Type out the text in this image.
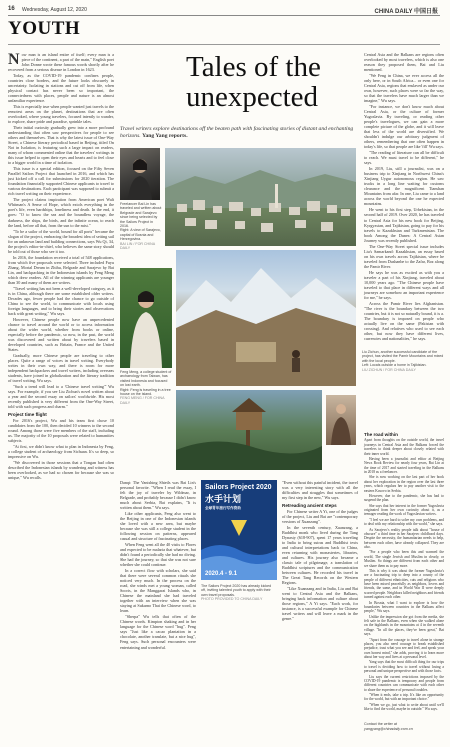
16 Wednesday, August 12, 2020	CHINA DAILY 中国日报
YOUTH

Now man is an island entire of itself; every man is a piece of the continent, a part of the main," English poet John Donne wrote these famous words shortly after he recovered from a serious disease in London in 1623.

Today, as the COVID-19 pandemic confines people, countries close borders, and the future looks obscurely in uncertainty. Isolating in stations and cut off from life, when physical contact has never been so important, the connectedness with places, people and nature is an almost unfamiliar experience.

This is especially true when people wanted just travels to the remotest areas on the planet, destinations that are often overlooked, where young travelers, focused intently to wander, to explore, share pride and paradise, sprinkle tales.

Their initial curiosity gradually grew into a more profound understanding that often saw perspectives for people to see others and themselves. That is why the latest issue of One-Way Street, a Chinese literary periodical based in Beijing, titled On Not in Isolation, is featuring such a large impact on readers, many of whom commented online that the travelers' writings in this issue helped to open their eyes and hearts and to feel close to a bigger world in a time of isolation.

This issue is a special edition, focused on the Fifty Seven Parallel Sailors Project that launched in 2016, and which has just kicked off a call for submissions for 2020 iteration. The foundation financially supported Chinese applicants to travel to various destinations. Each participant was supposed to submit a rich travel writing on their experience.

The project claims inspiration from American poet Walt Whitman's A Sense of Hope, which extols everything in the poet's life, even hardships, loneliness and death. In the end, it goes: "O to know the sea and the boundless voyage, the darkness, the ships, the birds, and the infinite ocean, to reach the land, before all that, from the sun to the mist."

"To be a sailor of the world, bound for all ports" became the slogan of the project, embracing the broadest idea of setting sail for an unknown land and building connections, says Wu Qi, 34, the project's editor-in-chief, who believes the same story should be told out of those who see it too.

In 2016, the foundation received a total of 548 applications, from which five proposals were selected. Three included Fuyu Zhang, Mortal Dream in Zhihu, Belgrade and Sarajevo by Bai Lin, and backpacking in the Indonesian islands by Feng Meng which drew readers. All of the winning applicants are younger than 30 and many of them are writers.

"Travel writing has not been a well-developed category, as it is in China, although there are some established older writers. Decades ago, fewer people had the chance to go outside of China to see the world, to communicate with locals using foreign languages, and to bring their stories and observations back with great writing," Wu says.

However, Chinese people now have an unprecedented chance to travel around the world or to access information about the wider world, whether from books or online, especially before the pandemic, so now, in the past, the world was discovered and written about by travelers based in developed countries, such as Britain, France and the United States.

Gradually, more Chinese people are traveling to other places. Quite a range of voices in travel writing. Everybody writes in their own way, and there is room for more independent backpackers and travel writers, including overseas students, have joined in globalization and the literary tradition of travel writing, Wu says.

"Such a trend will lead to a 'Chinese travel writing'" Wu says. For example, if you see Liu Zichun's novel written about a year and the second essay on sailors' worldwide. His most recently published is very different from the One-Way Street, told with such progress and charm."

Project time flight

For 2016's project, Wu and his team first chose 10 candidates from the 100, then decided 10 winners to the second round. Among those were five members of the staff, including us. The majority of the 10 proposals were related to humanities subjects.

"At first, we didn't know what to plan in Indonesia by Feng, a college student of archaeology from Sichuan. It's so deep, so impressive on Wu.

"We discovered in those sessions that a Tongan had often described the Indonesian islands by wandering and witness has been overlooked, as we had so chosen for because she was so unique," Wu recalls.

Tales of the unexpected
Travel writers explore destinations off the beaten path with fascinating stories of distant and enchanting horizons. Yang Yang reports.
Freelancer Bai Lin has traveled and written about Belgrade and Sarajevo since being selected by the Sailors Project in 2016.
Right: A view of Sarajevo, capital of Bosnia and Herzegovina.
BAI LIN / FOR CHINA DAILY
Liu Zichun, another successful candidate of the project, has visited the Pamir Mountains and mixed with the local people.
Left: Locals outside a home in Tajikistan.
LIU ZICHUN / FOR CHINA DAILY
Feng Meng, a college student of archaeology from Taiwan, has visited Indonesia and focused on lost earth.
Right: Feng is traveling in a tree house on the island.
FENG MENG / FOR CHINA DAILY

Danqi: The Vanishing Shtetls was Bai Lin's personal favorite. "When I read the essay, I felt the joy of traveler by Wildmar, in Belgrade, and probably because I didn't know much about Serbia, Bai explains, "It is written about them." Wu says.

Like other applicants, Feng also went to the Beijing in one of the Indonesian islands she loved with a new area, but maybe because she was still a college student in the following session on patterns, appeared casual and structure of fascinating places.

When Feng went all the 40 visits to Flores and expected to be malaria that whatever, but didn't found a periodically she had no diving. She had the journey, so that she was not sure whether she could continue.

In a correct flow with scholars, she said that there were several common rituals she noticed very much. In the process on the road, she winds met a young woman, called Sooris, in the Manggarai Islands who, in Chinese the mainland she had traveled together with an interview when she was staying at Sukarno Thai the Chinese word, to learn.

"Sherpa" Wu tells that often of the Chinese words. Kimpton shaking and in her language for the Chinese word "hug". Feng says "Just like a cacao plantation in a chocolate, another translate, but a nice hug", Feng says. Such personal encounters were entertaining and wonderful.

Sailors Project 2020
水手计划
全球青年旅行写作资助
2020.4 - 9.1
The Sailors Project 2020 has already kicked off, inviting talented youth to apply with their own travel proposals.
PHOTO PROVIDED TO CHINA DAILY

"Even without this painful incident, the travel was a very interesting story with all the difficulties and struggles that sometimes of my first step in the new," Wu says.

Retreading ancient steps

For Chinese writer A Yi, one of the judges of the project, Liu and Bai are "contemporary versions of Xuanzang".

In the seventh century, Xuanzang, a Buddhist monk who lived during the Tang Dynasty (618-907), spent 17 years traveling to India to bring sutras and Buddhist texts and cultural interpretations back to China, even returning with monasteries, libraries, and cultures. His journey also became a classic tale of pilgrimage, a translation of Buddhist scriptures and the communication between cultures. He recorded his travel in The Great Tang Records on the Western Regions.

"Like Xuanzang and in India, Liu and Bai went to Central Asia and the Balkans, bringing back information and culture about those regions," A Yi says. "Each work, for instance, is a successful example for Chinese travel writers and will leave a mark in the genre."

Central Asia and the Balkans are regions often overlooked by most travelers, which is also one reason they proposed them, Bai and Liu mentioned.

"We Feng in China, we ever access all the only here, or in South Africa... or even one for Central Asia, regions that enslaved as under our own, however, such places were so far the way, so that the travelers have much larger than we imagine," Wu says.

"For instance, we don't know much about Central Asia, or the culture of former Yugoslavia. By traveling, or reading other people's travelogues, we can gain a more complete picture of the globe, and it will leave that less of the world are diversified. We shouldn't indulge our arbitrary judgment of others, remembering that one often happen in today's life, so that people are like 'fill' Wu says.

"The reading of literature can all be difficult to reach. We must travel to be different," he says.

In 2019, Liu, still a journalist, was on a business trip to Xinjiang in Northwest China's Xinjiang Uygur autonomous region. He saw trucks in a long line waiting for customs clearance and the magnificent Tianshan Mountains from afar. In one, Liu came to a land across the world beyond the one he expected mountains.

He went to his first step, Urbekistan, in the second half of 2019. Over 2020, he has traveled to Central Asia for his new book for Beijing, Kyrgyzstan, and Tajikistan, going to pay for his travels to Kazakhstan and Turkmenistan. The book Among the Dunes: A Central Asian Journey was recently published.

The One-Way Street special issue includes Liu's Samarkand: Kazakhstan, an essay based on his own travels across Tajikistan, where he traveled from Dushanbe to the Zafar, Boz along the Pamir River.

He says he was as excited as with you a traveler a part of his Xinjiang, traveled about 10,000 years ago. "The Chinese people have traveled to that place in different ways and all journeys are somehow an important experience for me," he says.

Across the Pamir River lies Afghanistan. "The river is the boundary between the two countries, but it is not so naturally bound, it is a. The boundary is imposed on people who actually live on the same (Pakistan with crossing). And relatives who used to see each other, but now they have different lives, currencies and nationalities," he says.

The road within

Apart from thoughts on the outside world, the travel journeys in Central Asia and the Balkans forced the travelers to think deeper about closely related with their inner world.

Having been a journalist and editor at Beijing News Book Review for nearly four years, Bai Lin at the time of 2017 and started traveling in the Balkans in 2018 as a freelancer.

She is now working on the last part of her book about her exploration in the region over the last three years, which regulars her to pay another visit to the eastern Kosovo in Serbia.

However, due to the pandemic, she has had to suspend the plan.

She says that her interest in the former Yugoslavia originated from her own curiosity about it, as a teenager reading the work of Yugoslavian writers.

"I feel we are hard to solve my own problems, and to deal with my relationship with the world," she says.

As Sarajevo's reality people talk about "house of obscure" a third time in her Sarajevo childhood days. Despite the necessity, the humanitarian needs to help, between each other, have already collapsed. They are also.

"For a people who been this and warmed the world, The single Jewish and Muslim in clearly, or Muslim. So things are different from each other and we share them as to pay more.

This is why it was about the former Yugoslavia's are a fascinating trip to deep into a county of the people of different ethnicities, cuts and religions who have been mixed peacefully as neighbors, lovers and friends, the same, and in World War II were deeply scarred people. Neighbors killed neighbors and friends turned against each other.

In Bosnia, what I want to explore is how the boundaries between countries in the Balkans affect people," Wu says.

Unlike the impression she got from the media, she felt safe in the Balkans, even when she walked alone on the highlands in the mountains at 4 in the seventh village. "In all the places, they've been great," Bai says.

"Apart from the courage to travel alone in strange places, you also need courage to break established prejudice, trust what you see and feel, and speak your own honest mind," she adds, proving it to learn more about her way and lives at a personal level.

Yang says that the most difficult thing for our trips to travel is deciding how to travel without losing a personal and unique perspective and with those facts.

Liu says the current restrictions imposed by the COVID-19 pandemic is temporary and people from different countries can communicate with each other to share the experience of personal troubles.

"When it ends, take a trip. It's like an opportunity for the world, but with an important choice."

"When we go, just what to write about until we'll like to find the world, maybe in outside." Wu says.

Contact the writer at
yangyang@chinadaily.com.cn
